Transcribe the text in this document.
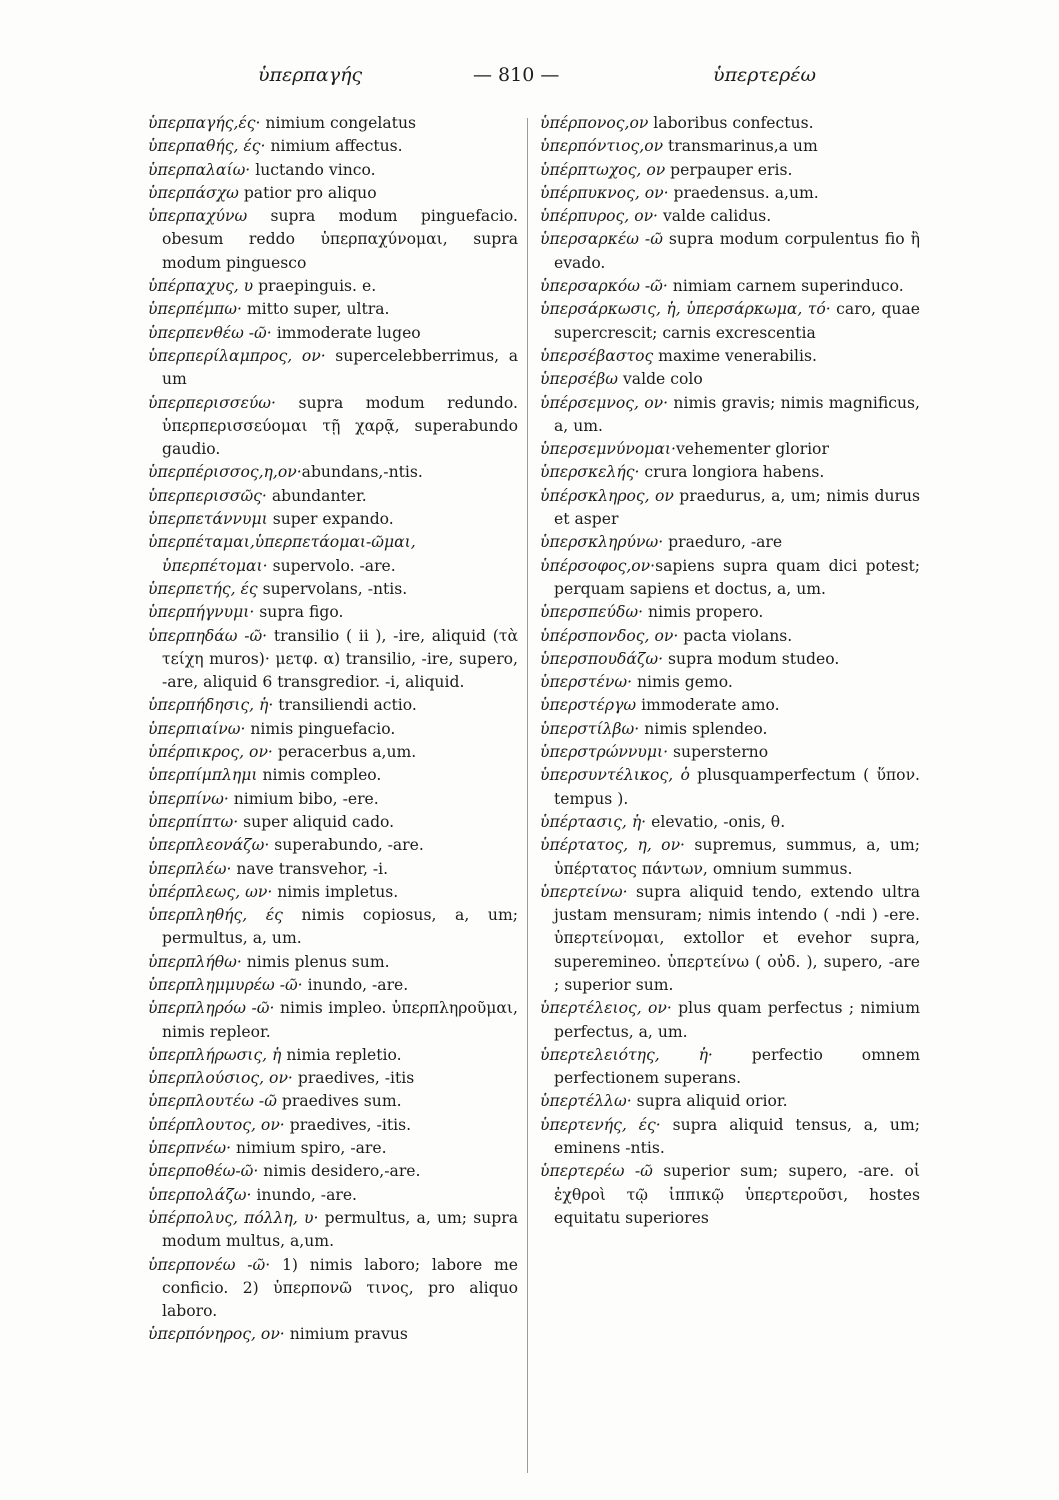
ὑπερπαγής	— 810 —	ὑπερτερέω

ὑπερπαγής,ές· nimium congelatus

ὑπερπαθής, ές· nimium affectus.

ὑπερπαλαίω· luctando vinco.

ὑπερπάσχω patior pro aliquo

ὑπερπαχύνω supra modum pinguefacio. obesum reddo ὑπερπαχύνομαι, supra modum pinguesco

ὑπέρπαχυς, υ praepinguis. e.

ὑπερπέμπω· mitto super, ultra.

ὑπερπενθέω -ῶ· immoderate lugeo

ὑπερπερίλαμπρος, ον· supercelebberrimus, a um

ὑπερπερισσεύω· supra modum redundo. ὑπερπερισσεύομαι τῇ χαρᾷ, superabundo gaudio.

ὑπερπέρισσος,η,ον·abundans,-ntis.

ὑπερπερισσῶς· abundanter.

ὑπερπετάννυμι super expando.

ὑπερπέταμαι,ὑπερπετάομαι-ῶμαι, ὑπερπέτομαι· supervolo. -are.

ὑπερπετής, ές supervolans, -ntis.

ὑπερπήγνυμι· supra figo.

ὑπερπηδάω -ῶ· transilio ( ii ), -ire, aliquid (τὰ τείχη muros)· μετφ. α) transilio, -ire, supero, -are, aliquid 6 transgredior. -i, aliquid.

ὑπερπήδησις, ἡ· transiliendi actio.

ὑπερπιαίνω· nimis pinguefacio.

ὑπέρπικρος, ον· peracerbus a,um.

ὑπερπίμπλημι nimis compleo.

ὑπερπίνω· nimium bibo, -ere.

ὑπερπίπτω· super aliquid cado.

ὑπερπλεονάζω· superabundo, -are.

ὑπερπλέω· nave transvehor, -i.

ὑπέρπλεως, ων· nimis impletus.

ὑπερπληθής, ές nimis copiosus, a, um; permultus, a, um.

ὑπερπλήθω· nimis plenus sum.

ὑπερπλημμυρέω -ῶ· inundo, -are.

ὑπερπληρόω -ῶ· nimis impleo. ὑπερπληροῦμαι, nimis repleor.

ὑπερπλήρωσις, ἡ nimia repletio.

ὑπερπλούσιος, ον· praedives, -itis

ὑπερπλουτέω -ῶ praedives sum.

ὑπέρπλουτος, ον· praedives, -itis.

ὑπερπνέω· nimium spiro, -are.

ὑπερποθέω-ῶ· nimis desidero,-are.

ὑπερπολάζω· inundo, -are.

ὑπέρπολυς, πόλλη, υ· permultus, a, um; supra modum multus, a,um.

ὑπερπονέω -ῶ· 1) nimis laboro; labore me conficio. 2) ὑπερπονῶ τινος, pro aliquo laboro.

ὑπερπόνηρος, ον· nimium pravus

ὑπέρπονος,ον laboribus confectus.

ὑπερπόντιος,ον transmarinus,a um

ὑπέρπτωχος, ον perpauper eris.

ὑπέρπυκνος, ον· praedensus. a,um.

ὑπέρπυρος, ον· valde calidus.

ὑπερσαρκέω -ῶ supra modum corpulentus fio ἢ evado.

ὑπερσαρκόω -ῶ· nimiam carnem superinduco.

ὑπερσάρκωσις, ἡ, ὑπερσάρκωμα, τό· caro, quae supercrescit; carnis excrescentia

ὑπερσέβαστος maxime venerabilis.

ὑπερσέβω valde colo

ὑπέρσεμνος, ον· nimis gravis; nimis magnificus, a, um.

ὑπερσεμνύνομαι·vehementer glorior

ὑπερσκελής· crura longiora habens.

ὑπέρσκληρος, ον praedurus, a, um; nimis durus et asper

ὑπερσκληρύνω· praeduro, -are

ὑπέρσοφος,ον·sapiens supra quam dici potest; perquam sapiens et doctus, a, um.

ὑπερσπεύδω· nimis propero.

ὑπέρσπονδος, ον· pacta violans.

ὑπερσπουδάζω· supra modum studeo.

ὑπερστένω· nimis gemo.

ὑπερστέργω immoderate amo.

ὑπερστίλβω· nimis splendeo.

ὑπερστρώννυμι· supersterno

ὑπερσυντέλικος, ὁ plusquamperfectum ( ὕπον. tempus ).

ὑπέρτασις, ἡ· elevatio, -onis, θ.

ὑπέρτατος, η, ον· supremus, summus, a, um; ὑπέρτατος πάντων, omnium summus.

ὑπερτείνω· supra aliquid tendo, extendo ultra justam mensuram; nimis intendo ( -ndi ) -ere. ὑπερτείνομαι, extollor et evehor supra, superemineo. ὑπερτείνω ( οὐδ. ), supero, -are ; superior sum.

ὑπερτέλειος, ον· plus quam perfectus ; nimium perfectus, a, um.

ὑπερτελειότης, ἡ· perfectio omnem perfectionem superans.

ὑπερτέλλω· supra aliquid orior.

ὑπερτενής, ές· supra aliquid tensus, a, um; eminens -ntis.

ὑπερτερέω -ῶ superior sum; supero, -are. οἱ ἐχθροὶ τῷ ἱππικῷ ὑπερτεροῦσι, hostes equitatu superiores
